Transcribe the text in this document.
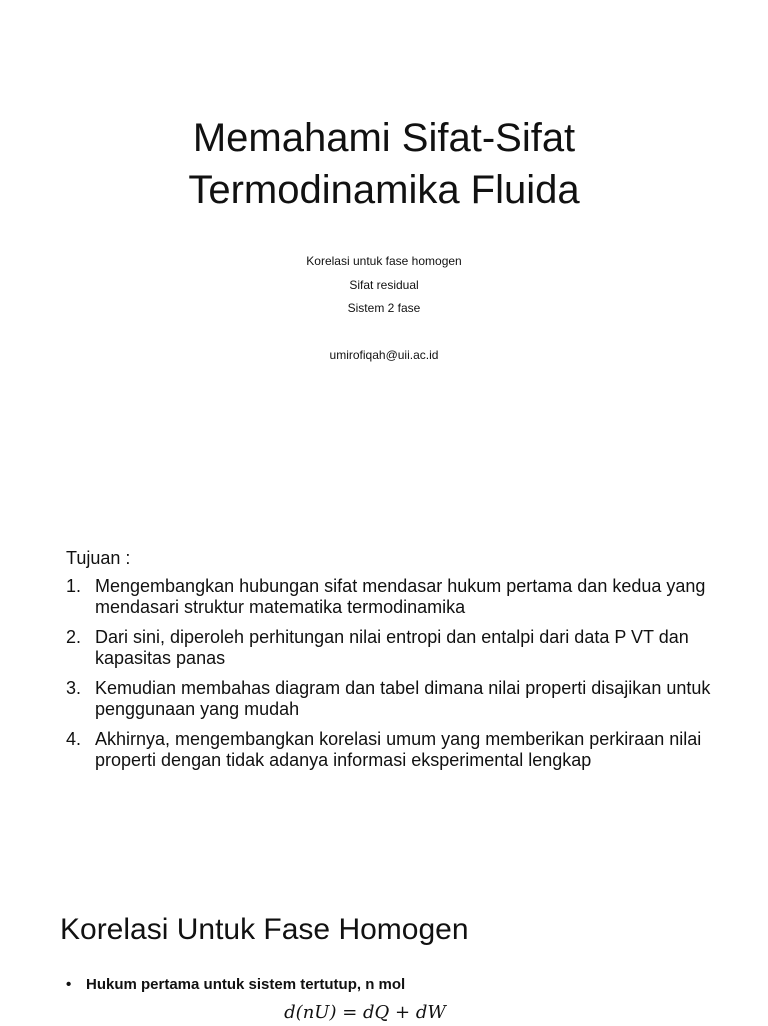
Memahami Sifat-Sifat
Termodinamika Fluida
Korelasi untuk fase homogen
Sifat residual
Sistem 2 fase
umirofiqah@uii.ac.id
Tujuan :
1. Mengembangkan hubungan sifat mendasar hukum pertama dan kedua yang mendasari struktur matematika termodinamika
2. Dari sini, diperoleh perhitungan nilai entropi dan entalpi dari data P VT dan kapasitas panas
3. Kemudian membahas diagram dan tabel dimana nilai properti disajikan untuk penggunaan yang mudah
4. Akhirnya, mengembangkan korelasi umum yang memberikan perkiraan nilai properti dengan tidak adanya informasi eksperimental lengkap
Korelasi Untuk Fase Homogen
• Hukum pertama untuk sistem tertutup, n mol
d(nU) = dQ + dW
